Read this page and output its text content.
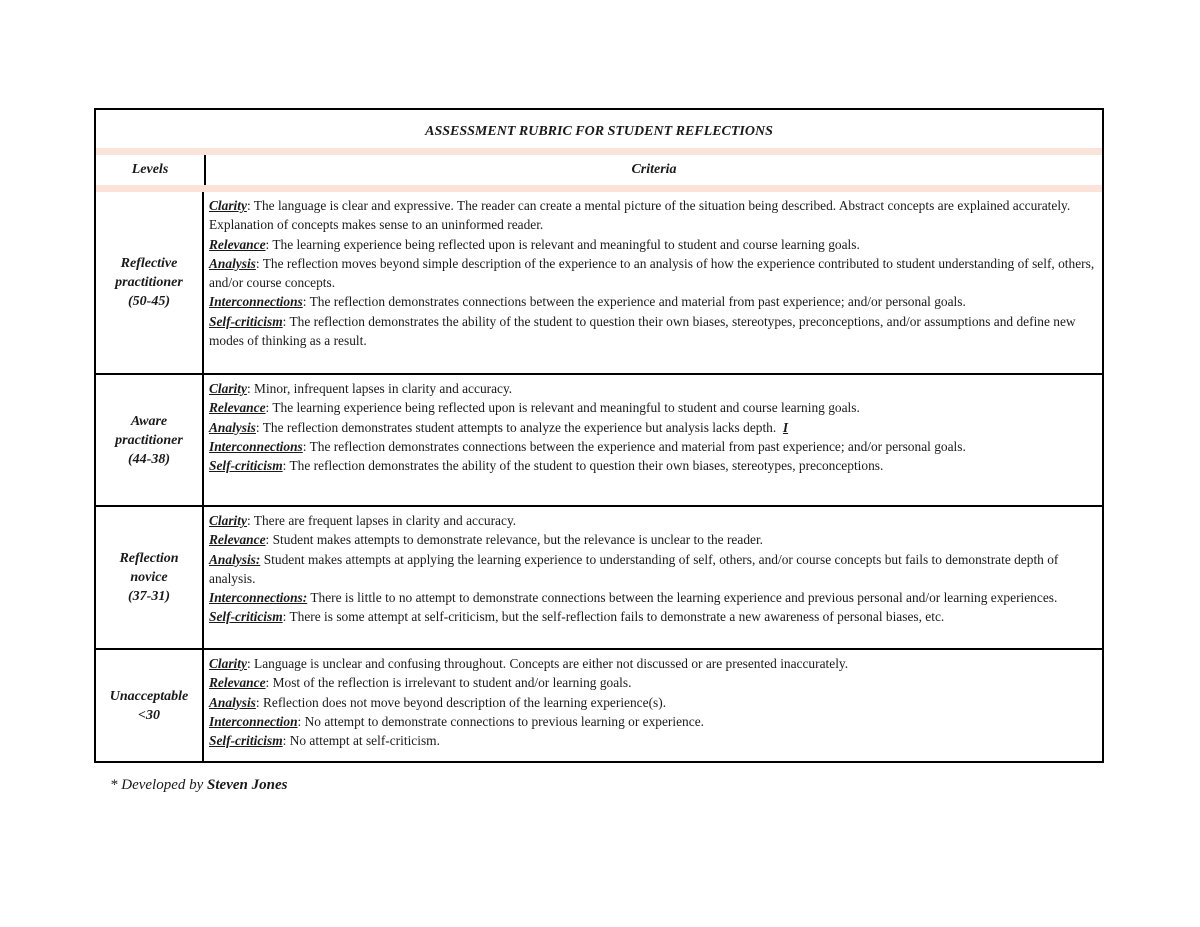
ASSESSMENT RUBRIC FOR STUDENT REFLECTIONS
Levels	Criteria
Reflective
practitioner
(50-45)

Clarity: The language is clear and expressive. The reader can create a mental picture of the situation being described. Abstract concepts are explained accurately. Explanation of concepts makes sense to an uninformed reader.

Relevance: The learning experience being reflected upon is relevant and meaningful to student and course learning goals.

Analysis: The reflection moves beyond simple description of the experience to an analysis of how the experience contributed to student understanding of self, others, and/or course concepts.

Interconnections: The reflection demonstrates connections between the experience and material from past experience; and/or personal goals.

Self-criticism: The reflection demonstrates the ability of the student to question their own biases, stereotypes, preconceptions, and/or assumptions and define new modes of thinking as a result.

Aware
practitioner
(44-38)

Clarity: Minor, infrequent lapses in clarity and accuracy.

Relevance: The learning experience being reflected upon is relevant and meaningful to student and course learning goals.

Analysis: The reflection demonstrates student attempts to analyze the experience but analysis lacks depth. I

Interconnections: The reflection demonstrates connections between the experience and material from past experience; and/or personal goals.

Self-criticism: The reflection demonstrates the ability of the student to question their own biases, stereotypes, preconceptions.

Reflection
novice
(37-31)

Clarity: There are frequent lapses in clarity and accuracy.

Relevance: Student makes attempts to demonstrate relevance, but the relevance is unclear to the reader.

Analysis: Student makes attempts at applying the learning experience to understanding of self, others, and/or course concepts but fails to demonstrate depth of analysis.

Interconnections: There is little to no attempt to demonstrate connections between the learning experience and previous personal and/or learning experiences.

Self-criticism: There is some attempt at self-criticism, but the self-reflection fails to demonstrate a new awareness of personal biases, etc.

Unacceptable
<30

Clarity: Language is unclear and confusing throughout. Concepts are either not discussed or are presented inaccurately.

Relevance: Most of the reflection is irrelevant to student and/or learning goals.

Analysis: Reflection does not move beyond description of the learning experience(s).

Interconnection: No attempt to demonstrate connections to previous learning or experience.

Self-criticism: No attempt at self-criticism.

* Developed by Steven Jones
